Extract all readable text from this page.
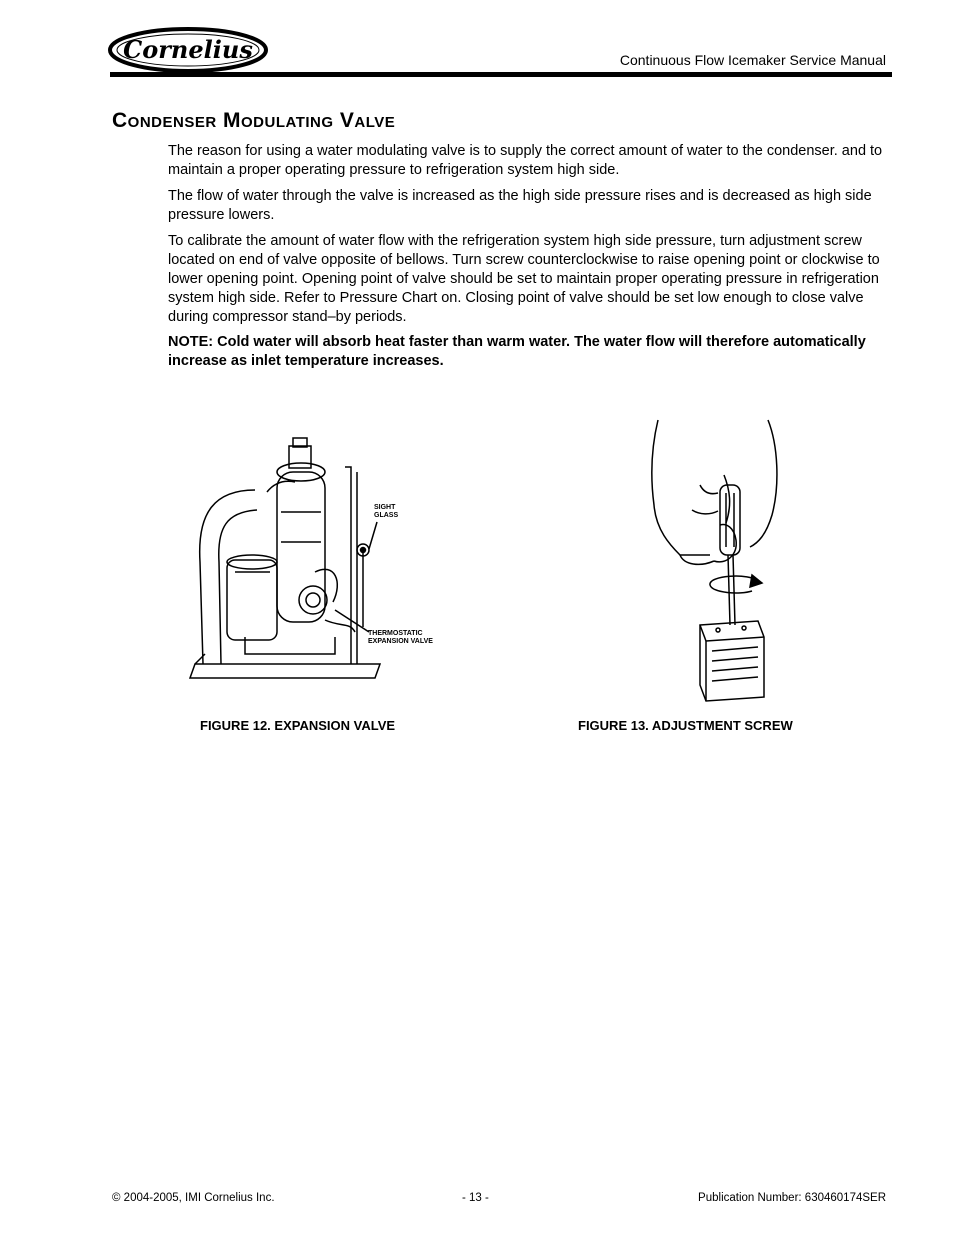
Cornelius	Continuous Flow Icemaker Service Manual
Condenser Modulating Valve
The reason for using a water modulating valve is to supply the correct amount of water to the condenser. and to maintain a proper operating pressure to refrigeration system high side.
The flow of water through the valve is increased as the high side pressure rises and is decreased as high side pressure lowers.
To calibrate the amount of water flow with the refrigeration system high side pressure, turn adjustment screw located on end of valve opposite of bellows. Turn screw counterclockwise to raise opening point or clockwise to lower opening point. Opening point of valve should be set to maintain proper operating pressure in refrigeration system high side. Refer to Pressure Chart on. Closing point of valve should be set low enough to close valve during compressor stand–by periods.
NOTE: Cold water will absorb heat faster than warm water. The water flow will therefore automatically increase as inlet temperature increases.
SIGHT
GLASS
THERMOSTATIC
EXPANSION VALVE
FIGURE 12. EXPANSION VALVE	FIGURE 13. ADJUSTMENT SCREW
© 2004-2005, IMI Cornelius Inc.	- 13 -	Publication Number: 630460174SER
